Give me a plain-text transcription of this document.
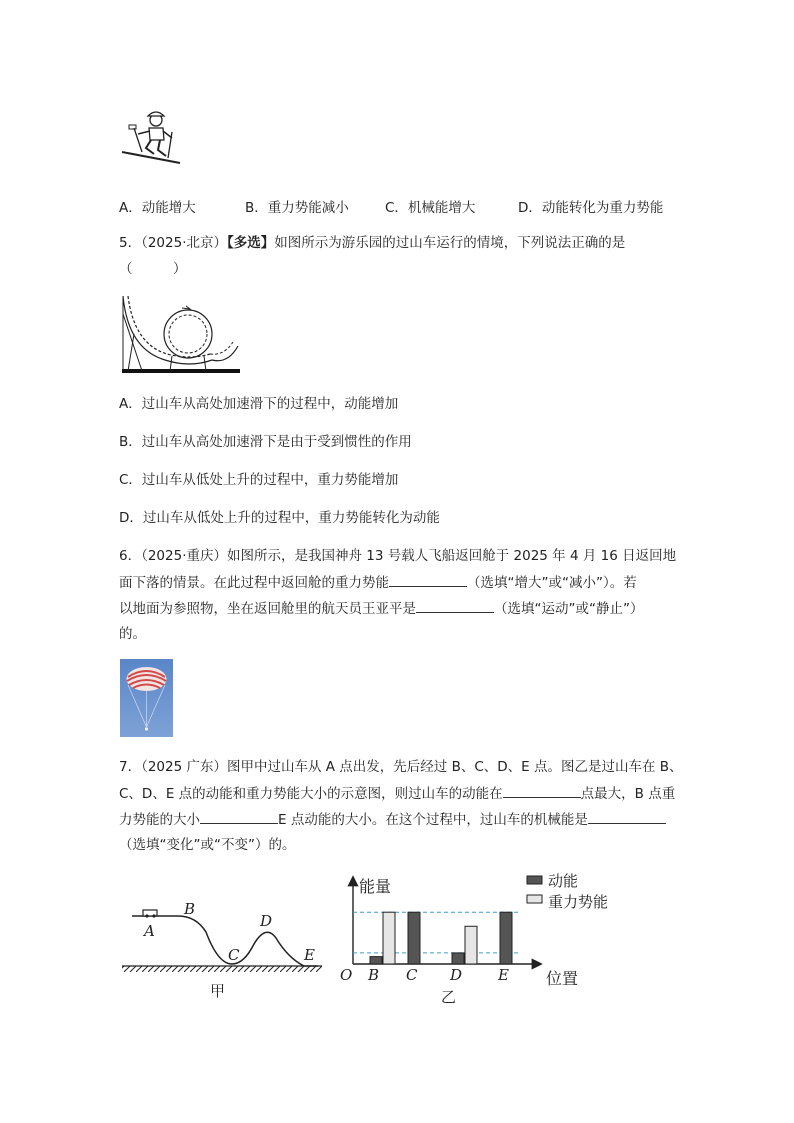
A．动能增大	B．重力势能减小	C．机械能增大	D．动能转化为重力势能
5．（2025·北京）【多选】如图所示为游乐园的过山车运行的情境，下列说法正确的是
（　　　）
A．过山车从高处加速滑下的过程中，动能增加
B．过山车从高处加速滑下是由于受到惯性的作用
C．过山车从低处上升的过程中，重力势能增加
D．过山车从低处上升的过程中，重力势能转化为动能
6．（2025·重庆）如图所示，是我国神舟 13 号载人飞船返回舱于 2025 年 4 月 16 日返回地
面下落的情景。在此过程中返回舱的重力势能	（选填“增大”或“减小”）。若
以地面为参照物，坐在返回舱里的航天员王亚平是	（选填“运动”或“静止”）
的。
7．（2025 广东）图甲中过山车从 A 点出发，先后经过 B、C、D、E 点。图乙是过山车在 B、
C、D、E 点的动能和重力势能大小的示意图，则过山车的动能在	点最大，B 点重
力势能的大小	E 点动能的大小。在这个过程中，过山车的机械能是
（选填“变化”或“不变”）的。
A
B
C
D
E
甲
B C D E
能量
位置
O
动能
重力势能
乙
